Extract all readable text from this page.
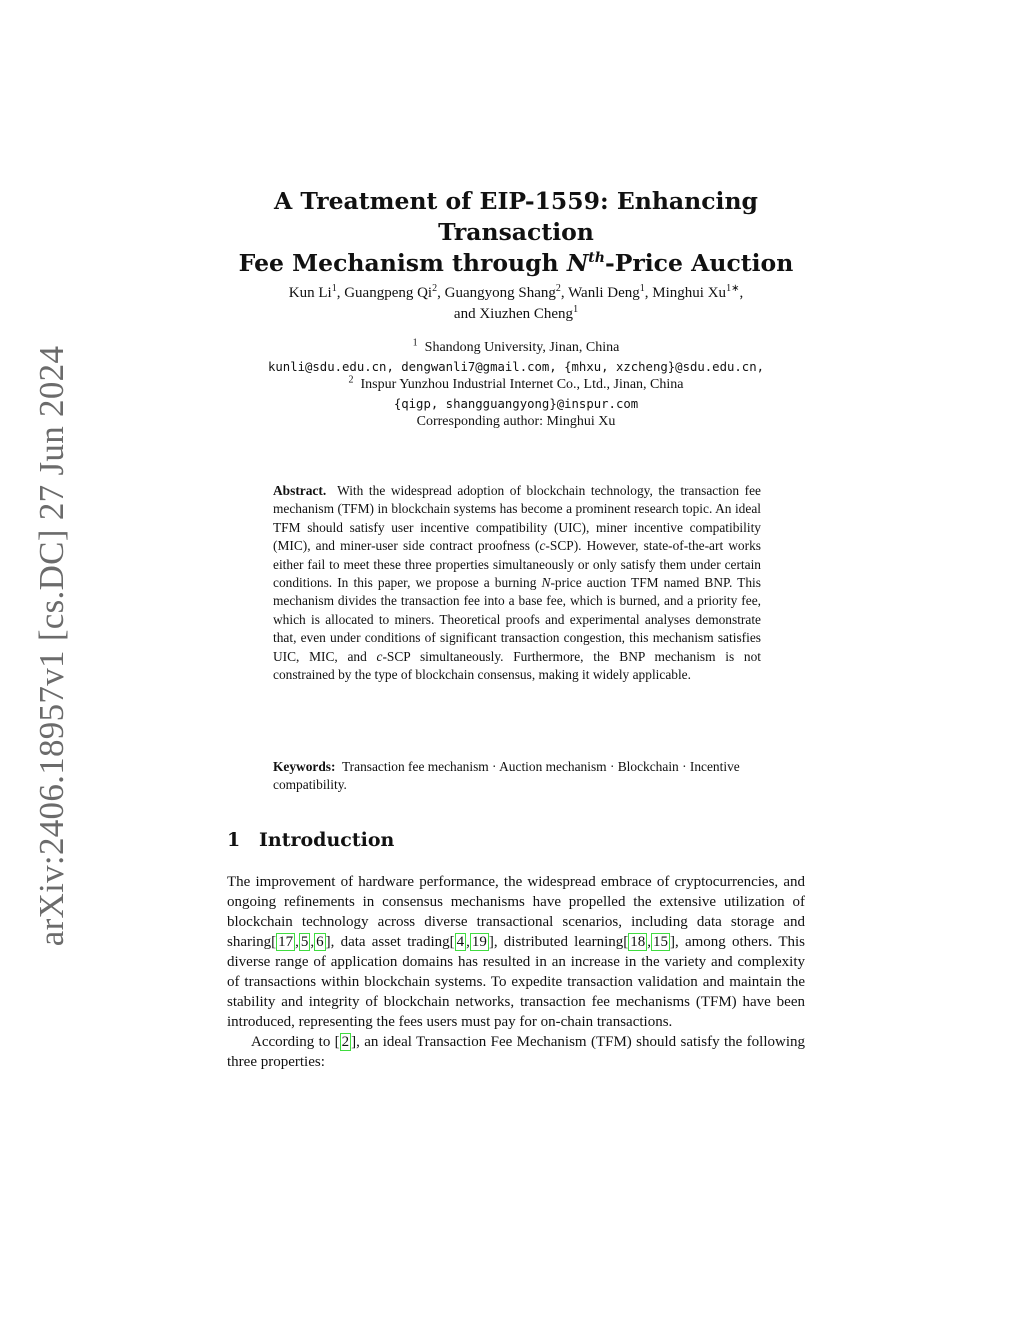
arXiv:2406.18957v1 [cs.DC] 27 Jun 2024
A Treatment of EIP-1559: Enhancing Transaction
Fee Mechanism through $N^{th}$-Price Auction
Kun Li$^1$, Guangpeng Qi$^2$, Guangyong Shang$^2$, Wanli Deng$^1$, Minghui $Xu^{1∗}$,
and Xiuzhen Cheng$^1$
$^1$ Shandong University, Jinan, China
kunli@sdu.edu.cn, dengwanli7@gmail.com, {mhxu, xzcheng}@sdu.edu.cn,
$^2$ Inspur Yunzhou Industrial Internet Co., Ltd., Jinan, China
{qigp, shangguangyong}@inspur.com
Corresponding author: Minghui Xu
Abstract. With the widespread adoption of blockchain technology, the transaction fee mechanism (TFM) in blockchain systems has become a prominent research topic. An ideal TFM should satisfy user incentive compatibility (UIC), miner incentive compatibility (MIC), and miner-user side contract proofness (c-SCP). However, state-of-the-art works either fail to meet these three properties simultaneously or only satisfy them under certain conditions. In this paper, we propose a burning N-price auction TFM named BNP. This mechanism divides the transaction fee into a base fee, which is burned, and a priority fee, which is allocated to miners. Theoretical proofs and experimental analyses demonstrate that, even under conditions of significant transaction congestion, this mechanism satisfies UIC, MIC, and c-SCP simultaneously. Furthermore, the BNP mechanism is not constrained by the type of blockchain consensus, making it widely applicable.
Keywords: Transaction fee mechanism · Auction mechanism · Blockchain · Incentive compatibility.
1 Introduction

The improvement of hardware performance, the widespread embrace of cryptocurrencies, and ongoing refinements in consensus mechanisms have propelled the extensive utilization of blockchain technology across diverse transactional scenarios, including data storage and sharing[ 17 , 5 , 6 ], data asset trading[ 4 , 19 ], distributed learning[ 18 , 15 ], among others. This diverse range of application domains has resulted in an increase in the variety and complexity of transactions within blockchain systems. To expedite transaction validation and maintain the stability and integrity of blockchain networks, transaction fee mechanisms (TFM) have been introduced, representing the fees users must pay for on-chain transactions.

According to [ 2 ], an ideal Transaction Fee Mechanism (TFM) should satisfy the following three properties:
